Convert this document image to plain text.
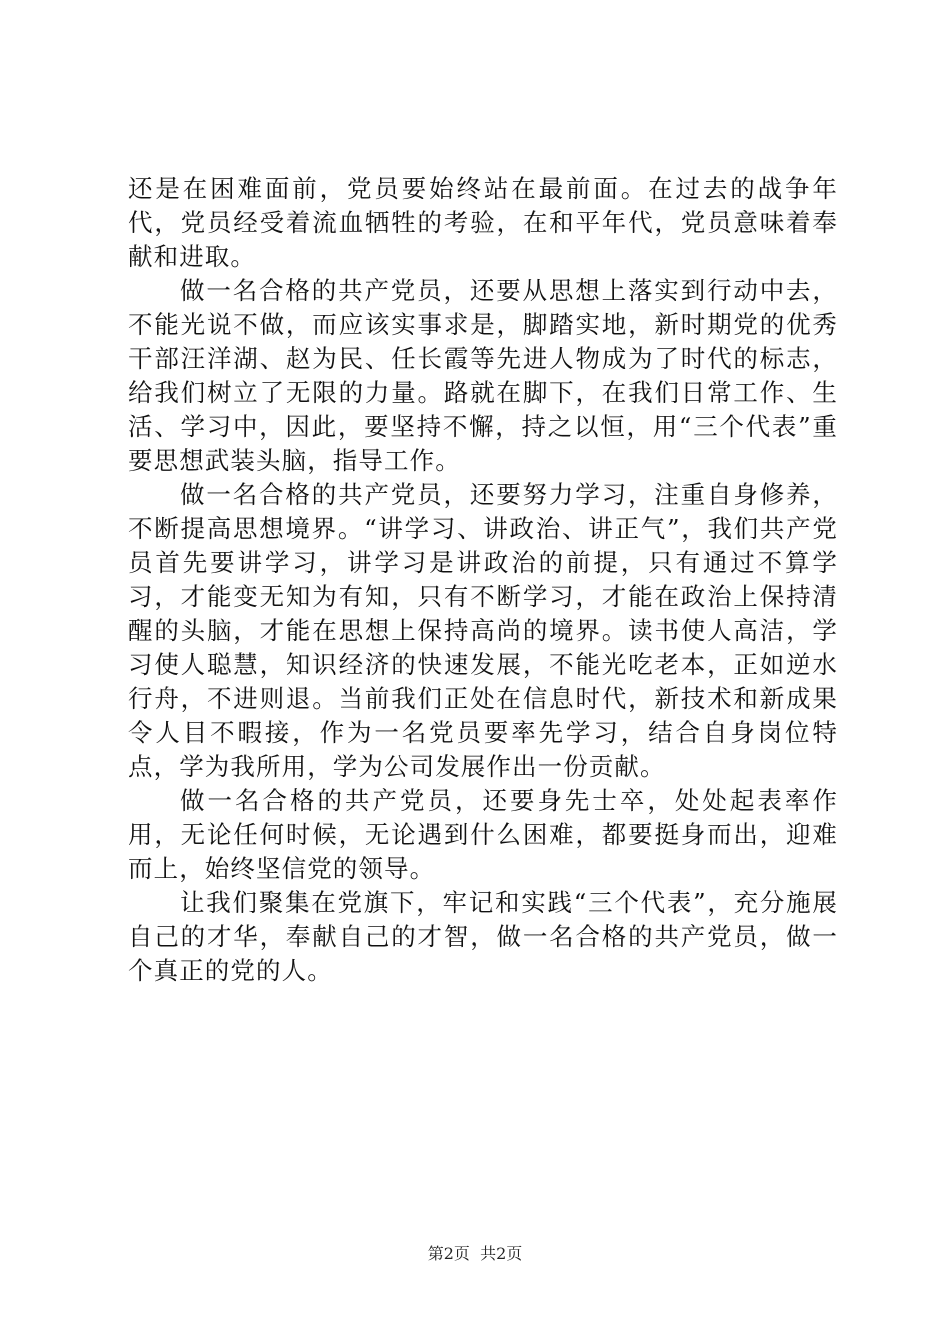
还是在困难面前，党员要始终站在最前面。在过去的战争年代，党员经受着流血牺牲的考验，在和平年代，党员意味着奉献和进取。

做一名合格的共产党员，还要从思想上落实到行动中去，不能光说不做，而应该实事求是，脚踏实地，新时期党的优秀干部汪洋湖、赵为民、任长霞等先进人物成为了时代的标志，给我们树立了无限的力量。路就在脚下，在我们日常工作、生活、学习中，因此，要坚持不懈，持之以恒，用“三个代表”重要思想武装头脑，指导工作。

做一名合格的共产党员，还要努力学习，注重自身修养，不断提高思想境界。“讲学习、讲政治、讲正气”，我们共产党员首先要讲学习，讲学习是讲政治的前提，只有通过不算学习，才能变无知为有知，只有不断学习，才能在政治上保持清醒的头脑，才能在思想上保持高尚的境界。读书使人高洁，学习使人聪慧，知识经济的快速发展，不能光吃老本，正如逆水行舟，不进则退。当前我们正处在信息时代，新技术和新成果令人目不暇接，作为一名党员要率先学习，结合自身岗位特点，学为我所用，学为公司发展作出一份贡献。

做一名合格的共产党员，还要身先士卒，处处起表率作用，无论任何时候，无论遇到什么困难，都要挺身而出，迎难而上，始终坚信党的领导。

让我们聚集在党旗下，牢记和实践“三个代表”，充分施展自己的才华，奉献自己的才智，做一名合格的共产党员，做一个真正的党的人。

第2页  共2页
